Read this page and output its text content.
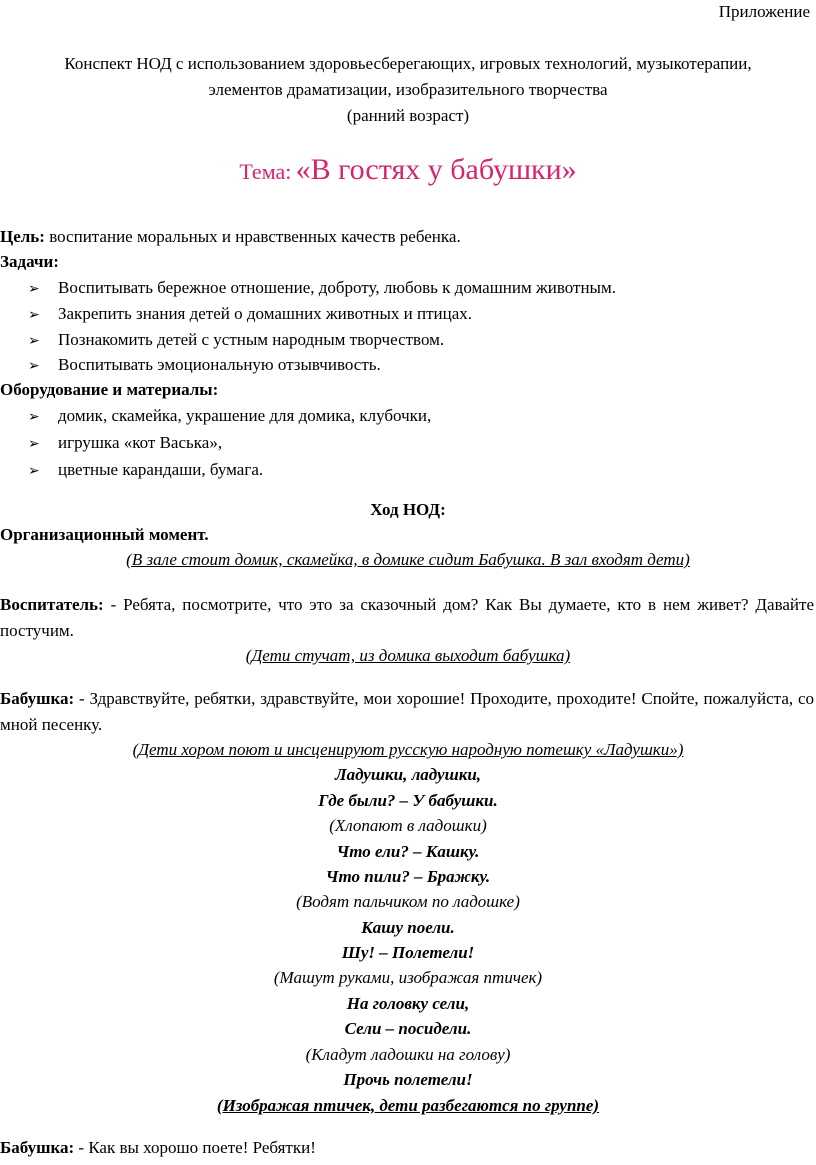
Приложение
Конспект НОД с использованием здоровьесберегающих, игровых технологий, музыкотерапии,
элементов драматизации, изобразительного творчества
(ранний возраст)
Тема: «В гостях у бабушки»
Цель: воспитание моральных и нравственных качеств ребенка.
Задачи:
➢ Воспитывать бережное отношение, доброту, любовь к домашним животным.
➢ Закрепить знания детей о домашних животных и птицах.
➢ Познакомить детей с устным народным творчеством.
➢ Воспитывать эмоциональную отзывчивость.
Оборудование и материалы:
➢ домик, скамейка, украшение для домика, клубочки,
➢ игрушка «кот Васька»,
➢ цветные карандаши, бумага.
Ход НОД:
Организационный момент.
(В зале стоит домик, скамейка, в домике сидит Бабушка. В зал входят дети)
Воспитатель: - Ребята, посмотрите, что это за сказочный дом? Как Вы думаете, кто в нем живет? Давайте постучим.
(Дети стучат, из домика выходит бабушка)
Бабушка: - Здравствуйте, ребятки, здравствуйте, мои хорошие! Проходите, проходите! Спойте, пожалуйста, со мной песенку.
(Дети хором поют и инсценируют русскую народную потешку «Ладушки»)
Ладушки, ладушки,
Где были? – У бабушки.
(Хлопают в ладошки)
Что ели? – Кашку.
Что пили? – Бражку.
(Водят пальчиком по ладошке)
Кашу поели.
Шу! – Полетели!
(Машут руками, изображая птичек)
На головку сели,
Сели – посидели.
(Кладут ладошки на голову)
Прочь полетели!
(Изображая птичек, дети разбегаются по группе)
Бабушка: - Как вы хорошо поете! Ребятки!
